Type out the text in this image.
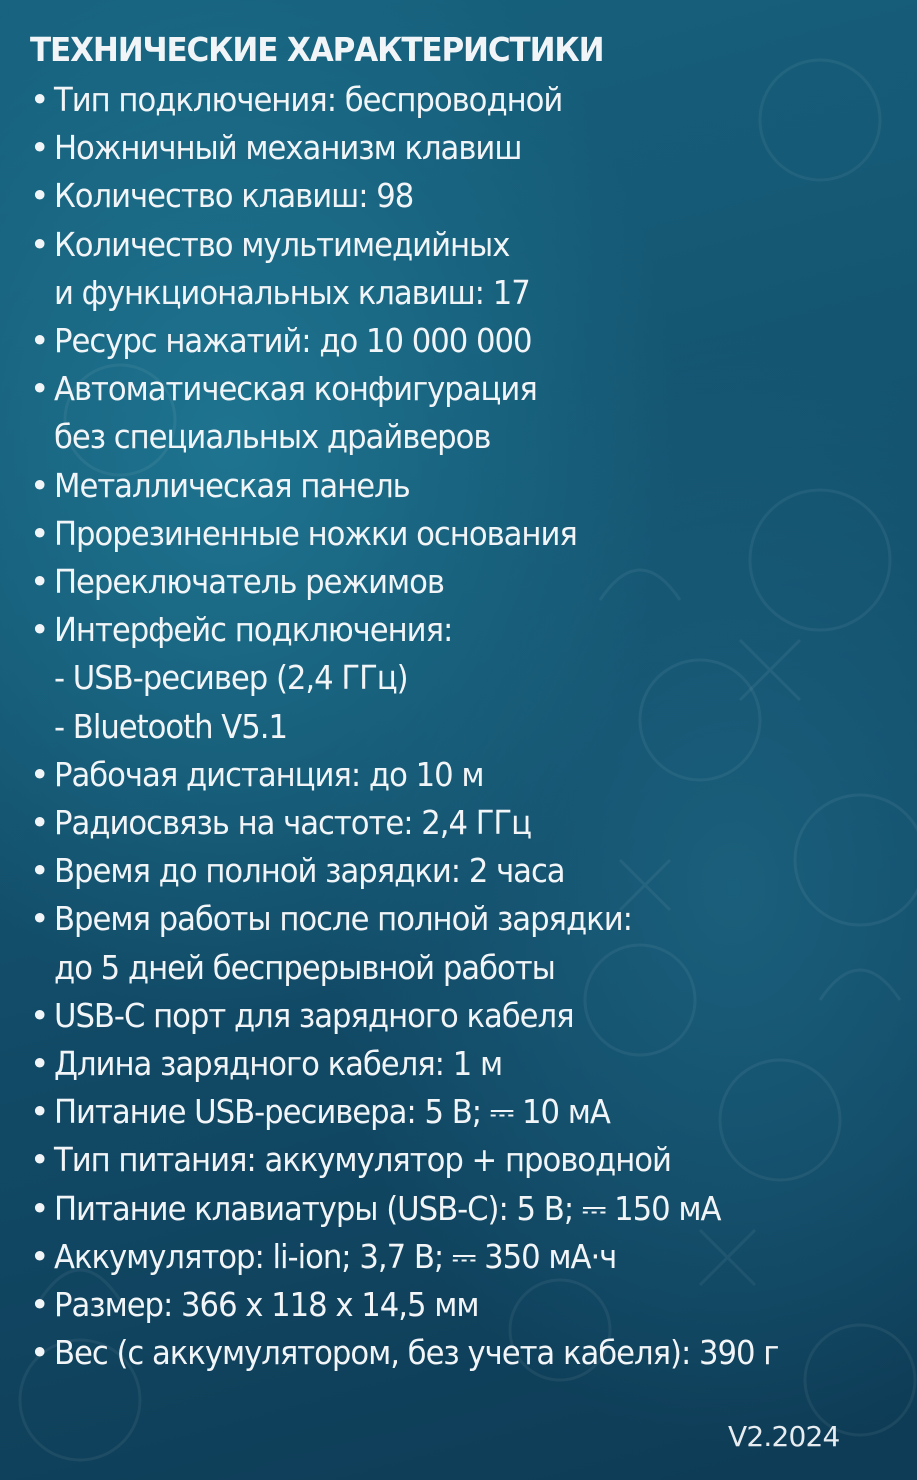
ТЕХНИЧЕСКИЕ ХАРАКТЕРИСТИКИ
• Тип подключения: беспроводной
• Ножничный механизм клавиш
• Количество клавиш: 98
• Количество мультимедийных
и функциональных клавиш: 17
• Ресурс нажатий: до 10 000 000
• Автоматическая конфигурация
без специальных драйверов
• Металлическая панель
• Прорезиненные ножки основания
• Переключатель режимов
• Интерфейс подключения:
- USB-ресивер (2,4 ГГц)
- Bluetooth V5.1
• Рабочая дистанция: до 10 м
• Радиосвязь на частоте: 2,4 ГГц
• Время до полной зарядки: 2 часа
• Время работы после полной зарядки:
до 5 дней беспрерывной работы
• USB-C порт для зарядного кабеля
• Длина зарядного кабеля: 1 м
• Питание USB-ресивера: 5 В; ⎓ 10 мА
• Тип питания: аккумулятор + проводной
• Питание клавиатуры (USB-C): 5 В; ⎓ 150 мА
• Аккумулятор: li-ion; 3,7 В; ⎓ 350 мА·ч
• Размер: 366 x 118 x 14,5 мм
• Вес (с аккумулятором, без учета кабеля): 390 г
V2.2024
